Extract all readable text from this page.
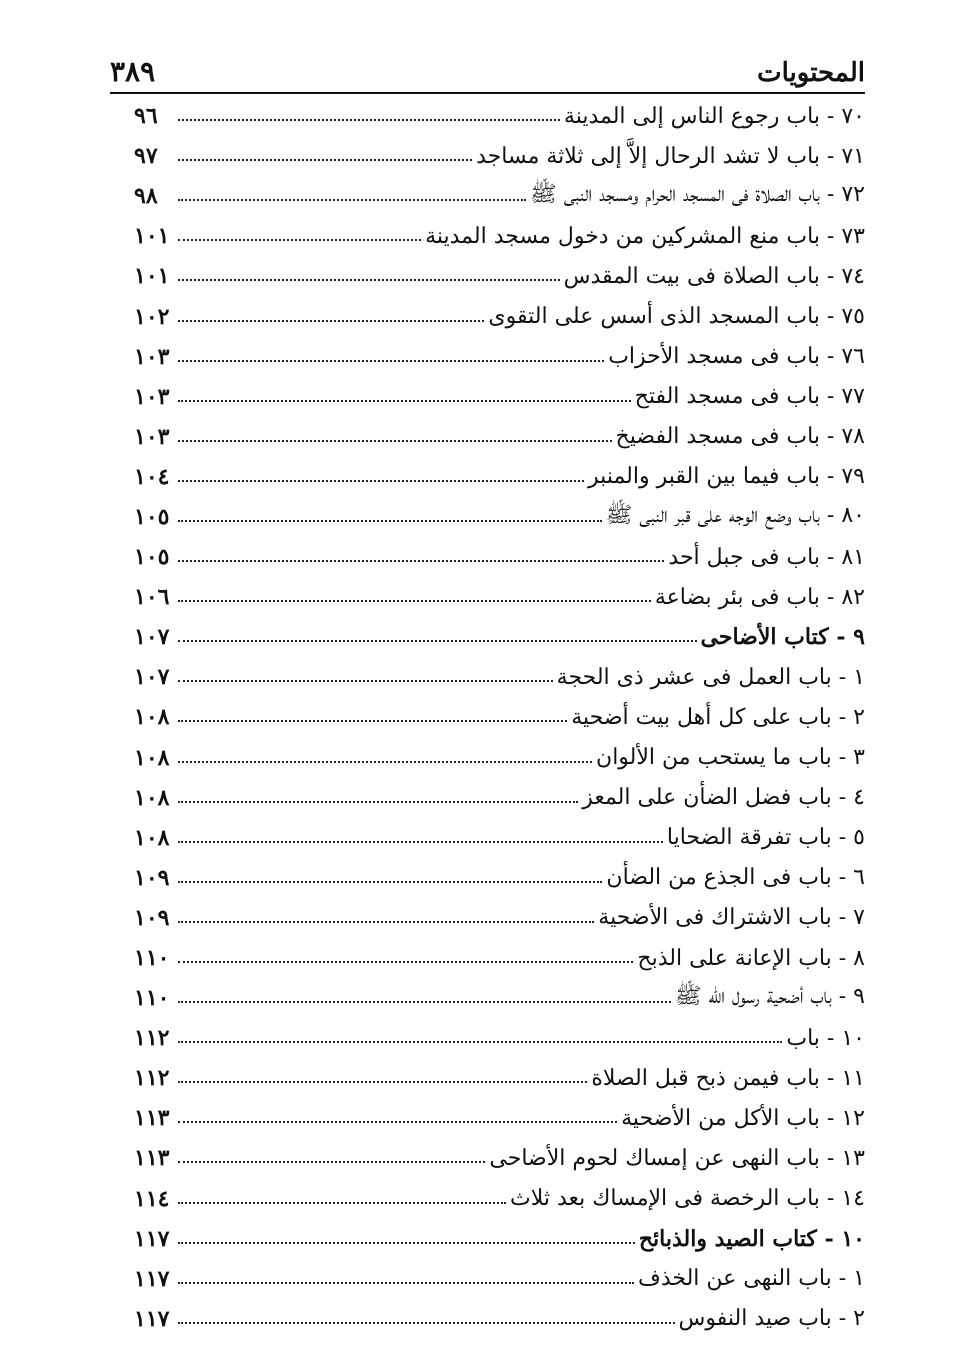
٣٨٩	المحتويات
٧٠ - باب رجوع الناس إلى المدينة
٩٦
٧١ - باب لا تشد الرحال إلاَّ إلى ثلاثة مساجد
٩٧
٧٢ - باب الصلاة فى المسجد الحرام ومسجد النبى ﷺ
٩٨
٧٣ - باب منع المشركين من دخول مسجد المدينة
١٠١
٧٤ - باب الصلاة فى بيت المقدس
١٠١
٧٥ - باب المسجد الذى أسس على التقوى
١٠٢
٧٦ - باب فى مسجد الأحزاب
١٠٣
٧٧ - باب فى مسجد الفتح
١٠٣
٧٨ - باب فى مسجد الفضيخ
١٠٣
٧٩ - باب فيما بين القبر والمنبر
١٠٤
٨٠ - باب وضع الوجه على قبر النبى ﷺ
١٠٥
٨١ - باب فى جبل أحد
١٠٥
٨٢ - باب فى بئر بضاعة
١٠٦
٩ - كتاب الأضاحى
١٠٧
١ - باب العمل فى عشر ذى الحجة
١٠٧
٢ - باب على كل أهل بيت أضحية
١٠٨
٣ - باب ما يستحب من الألوان
١٠٨
٤ - باب فضل الضأن على المعز
١٠٨
٥ - باب تفرقة الضحايا
١٠٨
٦ - باب فى الجذع من الضأن
١٠٩
٧ - باب الاشتراك فى الأضحية
١٠٩
٨ - باب الإعانة على الذبح
١١٠
٩ - باب أضحية رسول الله ﷺ
١١٠
١٠ - باب
١١٢
١١ - باب فيمن ذبح قبل الصلاة
١١٢
١٢ - باب الأكل من الأضحية
١١٣
١٣ - باب النهى عن إمساك لحوم الأضاحى
١١٣
١٤ - باب الرخصة فى الإمساك بعد ثلاث
١١٤
١٠ - كتاب الصيد والذبائح
١١٧
١ - باب النهى عن الخذف
١١٧
٢ - باب صيد النفوس
١١٧
